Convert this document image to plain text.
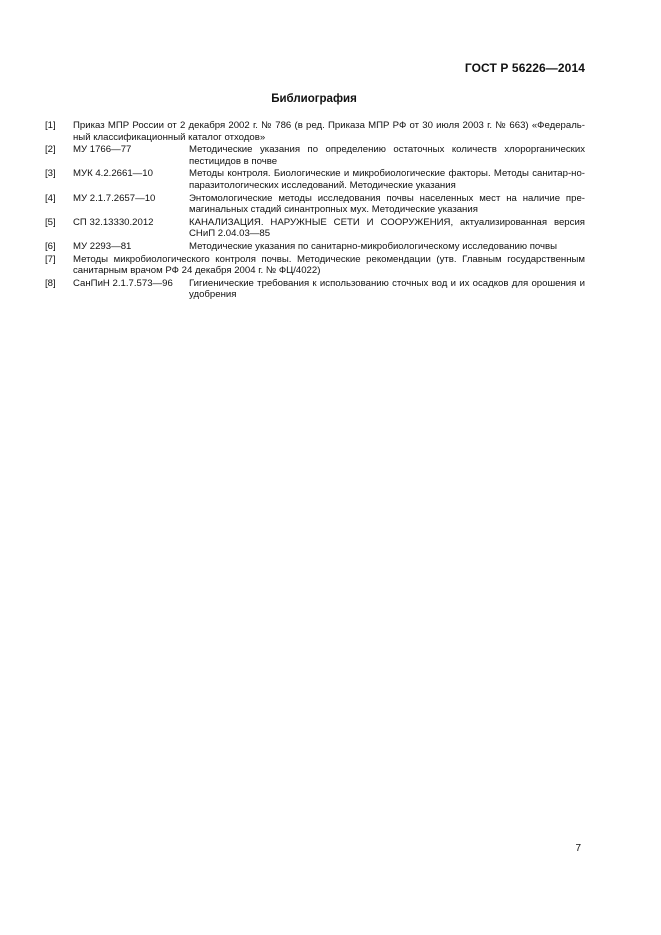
ГОСТ Р 56226—2014
Библиография
[1] Приказ МПР России от 2 декабря 2002 г. № 786 (в ред. Приказа МПР РФ от 30 июля 2003 г. № 663) «Федераль-ный классификационный каталог отходов»
[2] МУ 1766—77	Методические указания по определению остаточных количеств хлорорганических пестицидов в почве
[3] МУК 4.2.2661—10	Методы контроля. Биологические и микробиологические факторы. Методы санитар-но-паразитологических исследований. Методические указания
[4] МУ 2.1.7.2657—10	Энтомологические методы исследования почвы населенных мест на наличие пре-магинальных стадий синантропных мух. Методические указания
[5] СП 32.13330.2012	КАНАЛИЗАЦИЯ. НАРУЖНЫЕ СЕТИ И СООРУЖЕНИЯ, актуализированная версия СНиП 2.04.03—85
[6] МУ 2293—81	Методические указания по санитарно-микробиологическому исследованию почвы
[7] Методы микробиологического контроля почвы. Методические рекомендации (утв. Главным государственным санитарным врачом РФ 24 декабря 2004 г. № ФЦ/4022)
[8] СанПиН 2.1.7.573—96 Гигиенические требования к использованию сточных вод и их осадков для орошения и удобрения
7
